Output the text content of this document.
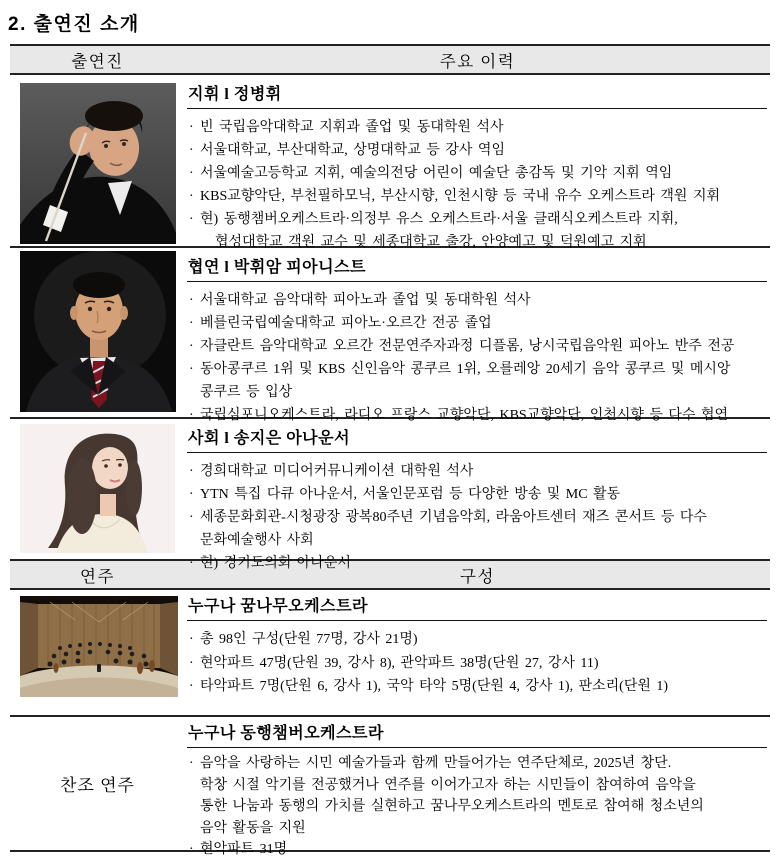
2. 출연진 소개
출연진	주요 이력
지휘 l 정병휘
· 빈 국립음악대학교 지휘과 졸업 및 동대학원 석사
· 서울대학교, 부산대학교, 상명대학교 등 강사 역임
· 서울예술고등학교 지휘, 예술의전당 어린이 예술단 총감독 및 기악 지휘 역임
· KBS교향악단, 부천필하모닉, 부산시향, 인천시향 등 국내 유수 오케스트라 객원 지휘
· 현) 동행챔버오케스트라·의정부 유스 오케스트라·서울 클래식오케스트라 지휘,
협성대학교 객원 교수 및 세종대학교 출강, 안양예고 및 덕원예고 지휘
협연 l 박휘암 피아니스트
· 서울대학교 음악대학 피아노과 졸업 및 동대학원 석사
· 베를린국립예술대학교 피아노·오르간 전공 졸업
· 자클란트 음악대학교 오르간 전문연주자과정 디플롬, 낭시국립음악원 피아노 반주 전공
· 동아콩쿠르 1위 및 KBS 신인음악 콩쿠르 1위, 오를레앙 20세기 음악 콩쿠르 및 메시앙
콩쿠르 등 입상
· 국립심포니오케스트라, 라디오 프랑스 교향악단, KBS교향악단, 인천시향 등 다수 협연
사회 l 송지은 아나운서
· 경희대학교 미디어커뮤니케이션 대학원 석사
· YTN 특집 다큐 아나운서, 서울인문포럼 등 다양한 방송 및 MC 활동
· 세종문화회관-시청광장 광복80주년 기념음악회, 라움아트센터 재즈 콘서트 등 다수
문화예술행사 사회
· 현) 경기도의회 아나운서
연주	구성
누구나 꿈나무오케스트라
· 총 98인 구성(단원 77명, 강사 21명)
· 현악파트 47명(단원 39, 강사 8), 관악파트 38명(단원 27, 강사 11)
· 타악파트 7명(단원 6, 강사 1), 국악 타악 5명(단원 4, 강사 1), 판소리(단원 1)
찬조 연주
누구나 동행챔버오케스트라
· 음악을 사랑하는 시민 예술가들과 함께 만들어가는 연주단체로, 2025년 창단.
학창 시절 악기를 전공했거나 연주를 이어가고자 하는 시민들이 참여하여 음악을
통한 나눔과 동행의 가치를 실현하고 꿈나무오케스트라의 멘토로 참여해 청소년의
음악 활동을 지원
· 현악파트 31명
